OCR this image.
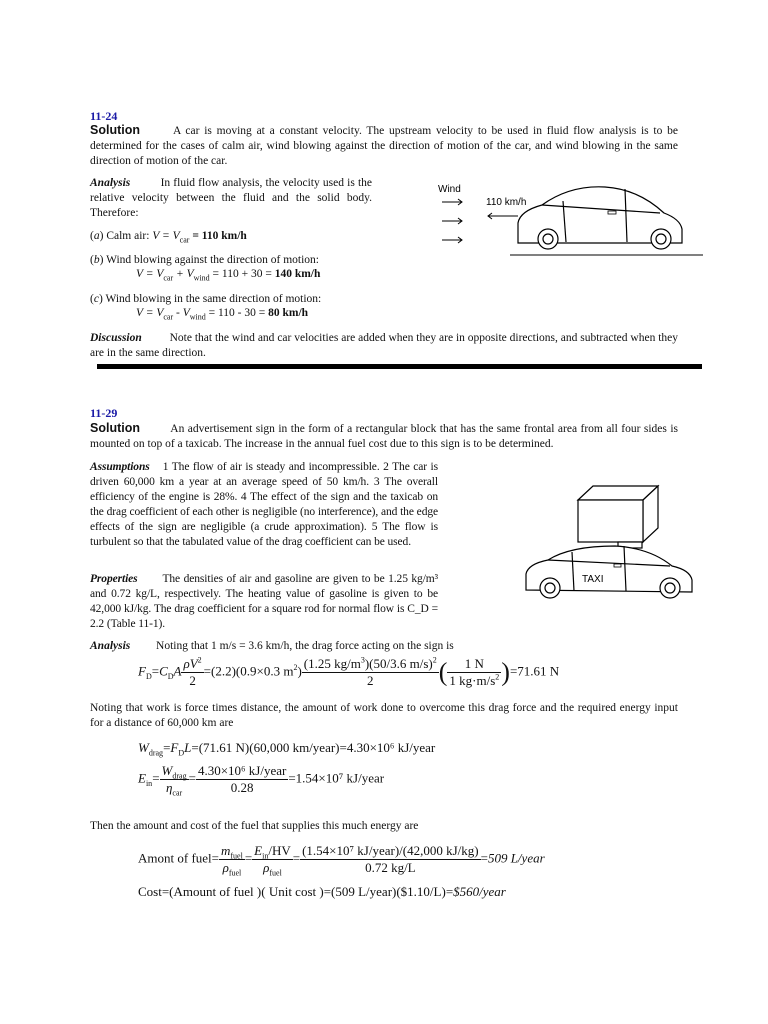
11-24
Solution	A car is moving at a constant velocity. The upstream velocity to be used in fluid flow analysis is to be determined for the cases of calm air, wind blowing against the direction of motion of the car, and wind blowing in the same direction of motion of the car.
Analysis	In fluid flow analysis, the velocity used is the relative velocity between the fluid and the solid body. Therefore:
(a) Calm air: $V = V_{car} = 110$ km/h
(b) Wind blowing against the direction of motion:
$V = V_{car} + V_{wind} = 110 + 30 = 140$ km/h
(c) Wind blowing in the same direction of motion:
$V = V_{car} - V_{wind} = 110 - 30 = 80$ km/h
Discussion Note that the wind and car velocities are added when they are in opposite directions, and subtracted when they are in the same direction.
Wind
110 km/h
11-29
Solution	An advertisement sign in the form of a rectangular block that has the same frontal area from all four sides is mounted on top of a taxicab. The increase in the annual fuel cost due to this sign is to be determined.
Assumptions 1 The flow of air is steady and incompressible. 2 The car is driven 60,000 km a year at an average speed of 50 km/h. 3 The overall efficiency of the engine is 28%. 4 The effect of the sign and the taxicab on the drag coefficient of each other is negligible (no interference), and the edge effects of the sign are negligible (a crude approximation). 5 The flow is turbulent so that the tabulated value of the drag coefficient can be used.
Properties The densities of air and gasoline are given to be 1.25 kg/m³ and 0.72 kg/L, respectively. The heating value of gasoline is given to be 42,000 kJ/kg. The drag coefficient for a square rod for normal flow is C_D = 2.2 (Table 11-1).
TAXI
Analysis Noting that 1 m/s = 3.6 km/h, the drag force acting on the sign is
$F_D=C_DA \frac{\rho V^2}{2} =(2.2)(0.9\times 0.3$ $m^2) \frac{(1.25 kg/m^3)(50/3.6 m/s)^2}{2}$ ( $\frac{1 N}{1 kg\cdot m/s^2} )=71.61$ N
Noting that work is force times distance, the amount of work done to overcome this drag force and the required energy input for a distance of 60,000 km are
$W_{drag}=F_DL=(71.61$ N)(60,000 km/year)=4.30×10⁶ kJ/year
$E_{in}= \frac{W_{drag}}{\eta_{car}} = \frac{\text{4.30×10⁶ kJ/year}}{0.28} =1.54\times 10^7$ kJ/year
Then the amount and cost of the fuel that supplies this much energy are
Amont of fuel= $\frac{m_{fuel}}{\rho_{fuel}} = \frac{E_{in}/HV}{\rho_{fuel}} = \frac{\text{(1.54×10⁷ kJ/year)/(42,000 kJ/kg)}}{0.72 kg/L} =509$ L/year
Cost=(Amount of fuel )( Unit cost )=(509 L/year)($1.10/L)=$560/year
